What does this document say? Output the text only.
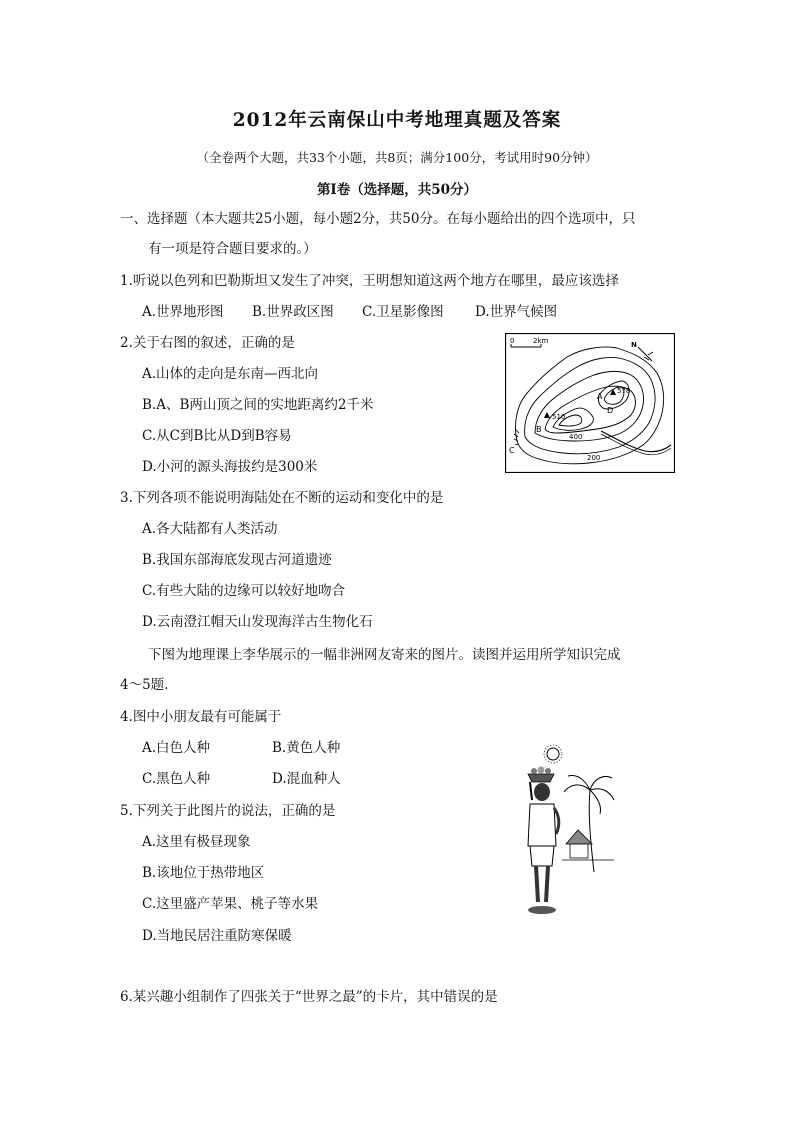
2012年云南保山中考地理真题及答案
（全卷两个大题，共33个小题，共8页；满分100分，考试用时90分钟）
第Ⅰ卷（选择题，共50分）
一、选择题（本大题共25小题，每小题2分，共50分。在每小题给出的四个选项中，只
有一项是符合题目要求的。）
1.听说以色列和巴勒斯坦又发生了冲突，王明想知道这两个地方在哪里，最应该选择
A.世界地形图 B.世界政区图 C.卫星影像图 D.世界气候图
2.关于右图的叙述，正确的是
A.山体的走向是东南—西北向
B.A、B两山顶之间的实地距离约2千米
C.从C到B比从D到B容易
D.小河的源头海拔约是300米
0	2km	N
578
510
A
B
C
D
400
200
3.下列各项不能说明海陆处在不断的运动和变化中的是
A.各大陆都有人类活动
B.我国东部海底发现古河道遗迹
C.有些大陆的边缘可以较好地吻合
D.云南澄江帽天山发现海洋古生物化石
下图为地理课上李华展示的一幅非洲网友寄来的图片。读图并运用所学知识完成
4～5题.
4.图中小朋友最有可能属于
A.白色人种	B.黄色人种
C.黑色人种	D.混血种人
5.下列关于此图片的说法，正确的是
A.这里有极昼现象
B.该地位于热带地区
C.这里盛产苹果、桃子等水果
D.当地民居注重防寒保暖
6.某兴趣小组制作了四张关于“世界之最”的卡片，其中错误的是
